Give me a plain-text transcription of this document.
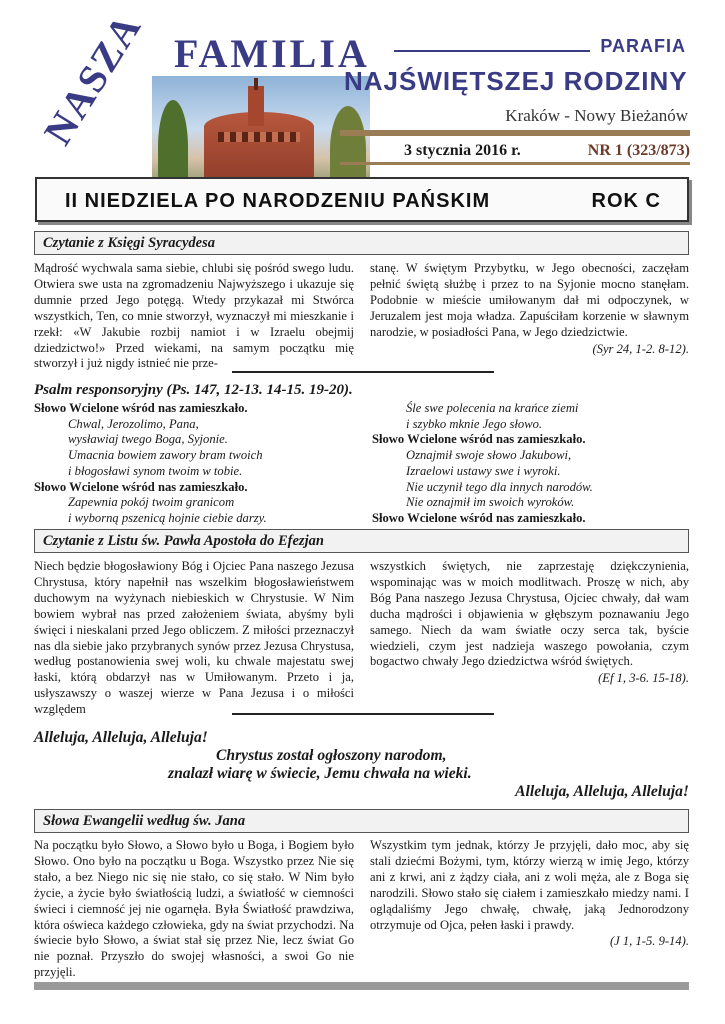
NASZA FAMILIA	PARAFIA
NAJŚWIĘTSZEJ RODZINY
Kraków - Nowy Bieżanów
3 stycznia 2016 r.	NR 1 (323/873)
II NIEDZIELA PO NARODZENIU PAŃSKIM	ROK C
Czytanie z Księgi Syracydesa

Mądrość wychwala sama siebie, chlubi się pośród swego ludu. Otwiera swe usta na zgromadzeniu Najwyższego i ukazuje się dumnie przed Jego potęgą. Wtedy przykazał mi Stwórca wszystkich, Ten, co mnie stworzył, wyznaczył mi mieszkanie i rzekł: «W Jakubie rozbij namiot i w Izraelu obejmij dziedzictwo!» Przed wiekami, na samym początku mię stworzył i już nigdy istnieć nie prze-

stanę. W świętym Przybytku, w Jego obecności, zaczęłam pełnić świętą służbę i przez to na Syjonie mocno stanęłam. Podobnie w mieście umiłowanym dał mi odpoczynek, w Jeruzalem jest moja władza. Zapuściłam korzenie w sławnym narodzie, w posiadłości Pana, w Jego dziedzictwie.

(Syr 24, 1-2. 8-12).

Psalm responsoryjny (Ps. 147, 12-13. 14-15. 19-20).
Słowo Wcielone wśród nas zamieszkało.
Chwal, Jerozolimo, Pana,
wysławiaj twego Boga, Syjonie.
Umacnia bowiem zawory bram twoich
i błogosławi synom twoim w tobie.
Słowo Wcielone wśród nas zamieszkało.
Zapewnia pokój twoim granicom
i wyborną pszenicą hojnie ciebie darzy.
Śle swe polecenia na krańce ziemi
i szybko mknie Jego słowo.
Słowo Wcielone wśród nas zamieszkało.
Oznajmił swoje słowo Jakubowi,
Izraelowi ustawy swe i wyroki.
Nie uczynił tego dla innych narodów.
Nie oznajmił im swoich wyroków.
Słowo Wcielone wśród nas zamieszkało.
Czytanie z Listu św. Pawła Apostoła do Efezjan

Niech będzie błogosławiony Bóg i Ojciec Pana naszego Jezusa Chrystusa, który napełnił nas wszelkim błogosławieństwem duchowym na wyżynach niebieskich w Chrystusie. W Nim bowiem wybrał nas przed założeniem świata, abyśmy byli święci i nieskalani przed Jego obliczem. Z miłości przeznaczył nas dla siebie jako przybranych synów przez Jezusa Chrystusa, według postanowienia swej woli, ku chwale majestatu swej łaski, którą obdarzył nas w Umiłowanym. Przeto i ja, usłyszawszy o waszej wierze w Pana Jezusa i o miłości względem

wszystkich świętych, nie zaprzestaję dziękczynienia, wspominając was w moich modlitwach. Proszę w nich, aby Bóg Pana naszego Jezusa Chrystusa, Ojciec chwały, dał wam ducha mądrości i objawienia w głębszym poznawaniu Jego samego. Niech da wam światłe oczy serca tak, byście wiedzieli, czym jest nadzieja waszego powołania, czym bogactwo chwały Jego dziedzictwa wśród świętych.

(Ef 1, 3-6. 15-18).

Alleluja, Alleluja, Alleluja!
Chrystus został ogłoszony narodom,
znalazł wiarę w świecie, Jemu chwała na wieki.
Alleluja, Alleluja, Alleluja!
Słowa Ewangelii według św. Jana

Na początku było Słowo, a Słowo było u Boga, i Bogiem było Słowo. Ono było na początku u Boga. Wszystko przez Nie się stało, a bez Niego nic się nie stało, co się stało. W Nim było życie, a życie było światłością ludzi, a światłość w ciemności świeci i ciemność jej nie ogarnęła. Była Światłość prawdziwa, która oświeca każdego człowieka, gdy na świat przychodzi. Na świecie było Słowo, a świat stał się przez Nie, lecz świat Go nie poznał. Przyszło do swojej własności, a swoi Go nie przyjęli.

Wszystkim tym jednak, którzy Je przyjęli, dało moc, aby się stali dziećmi Bożymi, tym, którzy wierzą w imię Jego, którzy ani z krwi, ani z żądzy ciała, ani z woli męża, ale z Boga się narodzili. Słowo stało się ciałem i zamieszkało miedzy nami. I oglądaliśmy Jego chwałę, chwałę, jaką Jednorodzony otrzymuje od Ojca, pełen łaski i prawdy.

(J 1, 1-5. 9-14).
